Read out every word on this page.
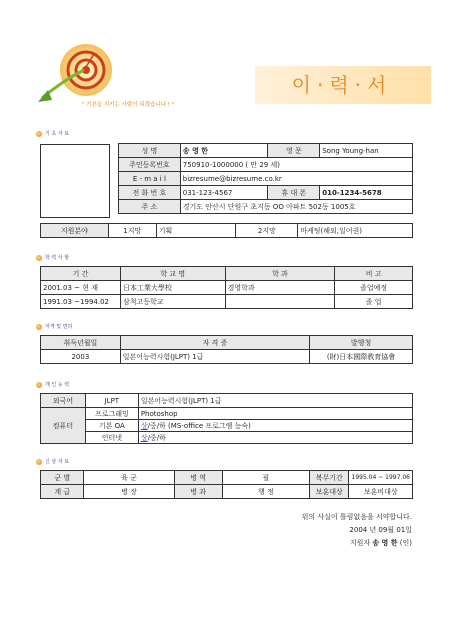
" 기본을 지키는 사람이 되겠습니다 ! "
이·력·서
기 초 자 료
성 명	송 영 한	영 문	Song Young-han
주민등록번호	750910-1000000 ( 만 29 세)		
E - m a i l	bizresume@bizresume.co.kr		
전 화 번 호	031-123-4567	휴 대 폰	010-1234-5678
주 소	경기도 안산시 단원구 초지동 OO 아파트 502동 1005호		
지원분야	1지망	기획	2지망	마케팅(해외,일어권)
학 력 사 항
기 간	학 교 명	학 과	비 고
2001.03 ~ 현 재	日本工業大學校	경영학과	졸업예정
1991.03 ~1994.02	삼척고등학교		졸 업
자격 및 면허
취득년월일	자 격 증	발행청
2003	일본어능력시험(JLPT) 1급	(財)日本國際敎育協會
개 인 능 력
외국어	JLPT	일본어능력시험(JLPT) 1급
컴퓨터	프로그래밍	Photoshop
	기본 OA	상/중/하 (MS-office 프로그램 능숙)
	인터넷	상/중/하
신 상 자 료
군 별	육 군	병 역	필	복무기간	1995.04 ~ 1997.06
계 급	병 장	병 과	행 정	보훈대상	보훈비대상
위의 사실이 틀림없음을 서약합니다.
2004 년 09월 01일
지원자 송 영 한 (인)
